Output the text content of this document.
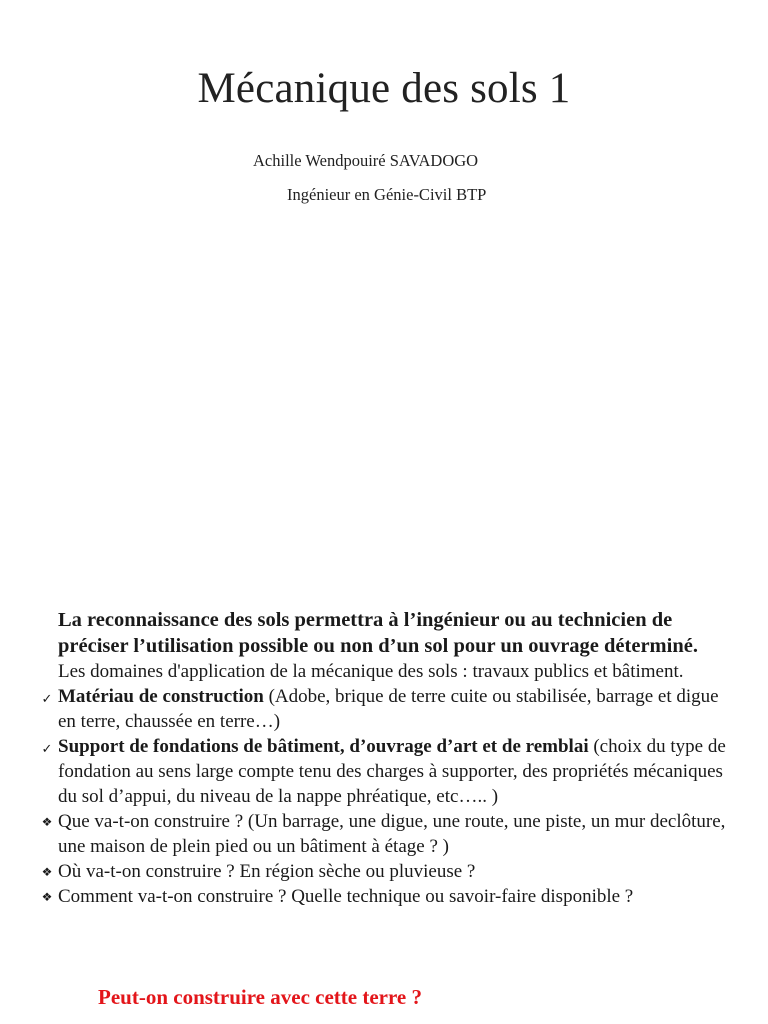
Mécanique des sols 1
Achille Wendpouiré SAVADOGO
Ingénieur en Génie-Civil BTP

La reconnaissance des sols permettra à l’ingénieur ou au technicien de préciser l’utilisation possible ou non d’un sol pour un ouvrage déterminé.

Les domaines d'application de la mécanique des sols : travaux publics et bâtiment.

✓ Matériau de construction (Adobe, brique de terre cuite ou stabilisée, barrage et digue en terre, chaussée en terre…)
✓ Support de fondations de bâtiment, d’ouvrage d’art et de remblai (choix du type de fondation au sens large compte tenu des charges à supporter, des propriétés mécaniques du sol d’appui, du niveau de la nappe phréatique, etc….. )
❖ Que va-t-on construire ? (Un barrage, une digue, une route, une piste, un mur declôture, une maison de plein pied ou un bâtiment à étage ? )
❖ Où va-t-on construire ? En région sèche ou pluvieuse ?
❖ Comment va-t-on construire ? Quelle technique ou savoir-faire disponible ?

Peut-on construire avec cette terre ?
